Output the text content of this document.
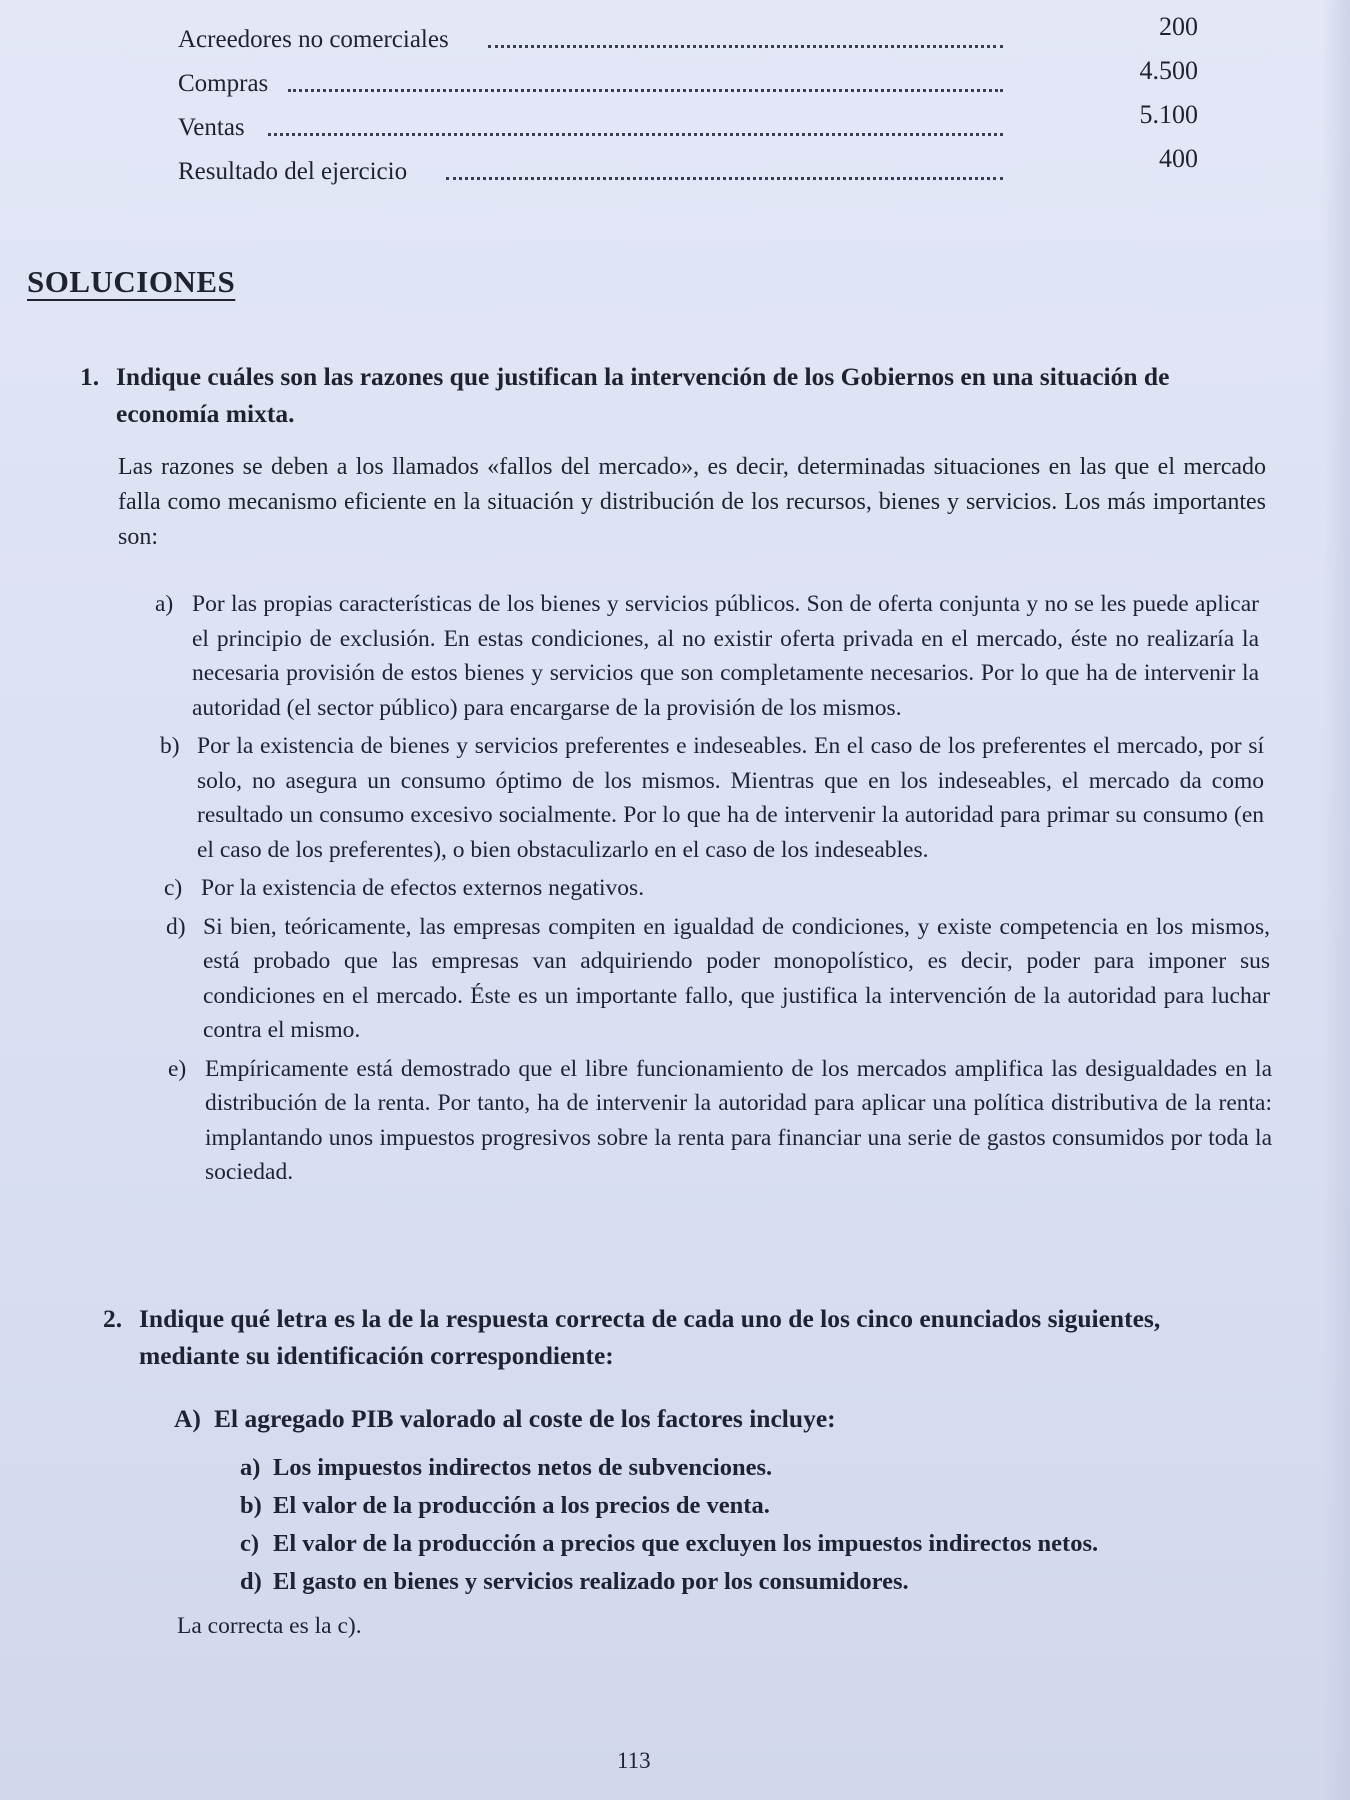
Acreedores no comerciales	200
Compras	4.500
Ventas	5.100
Resultado del ejercicio	400
SOLUCIONES
1. Indique cuáles son las razones que justifican la intervención de los Gobiernos en una situación de economía mixta.
Las razones se deben a los llamados «fallos del mercado», es decir, determinadas situaciones en las que el mercado falla como mecanismo eficiente en la situación y distribución de los recursos, bienes y servicios. Los más importantes son:
a) Por las propias características de los bienes y servicios públicos. Son de oferta conjunta y no se les puede aplicar el principio de exclusión. En estas condiciones, al no existir oferta privada en el mercado, éste no realizaría la necesaria provisión de estos bienes y servicios que son completamente necesarios. Por lo que ha de intervenir la autoridad (el sector público) para encargarse de la provisión de los mismos.
b) Por la existencia de bienes y servicios preferentes e indeseables. En el caso de los preferentes el mercado, por sí solo, no asegura un consumo óptimo de los mismos. Mientras que en los indeseables, el mercado da como resultado un consumo excesivo socialmente. Por lo que ha de intervenir la autoridad para primar su consumo (en el caso de los preferentes), o bien obstaculizarlo en el caso de los indeseables.
c) Por la existencia de efectos externos negativos.
d) Si bien, teóricamente, las empresas compiten en igualdad de condiciones, y existe competencia en los mismos, está probado que las empresas van adquiriendo poder monopolístico, es decir, poder para imponer sus condiciones en el mercado. Éste es un importante fallo, que justifica la intervención de la autoridad para luchar contra el mismo.
e) Empíricamente está demostrado que el libre funcionamiento de los mercados amplifica las desigualdades en la distribución de la renta. Por tanto, ha de intervenir la autoridad para aplicar una política distributiva de la renta: implantando unos impuestos progresivos sobre la renta para financiar una serie de gastos consumidos por toda la sociedad.
2. Indique qué letra es la de la respuesta correcta de cada uno de los cinco enunciados siguientes, mediante su identificación correspondiente:
A) El agregado PIB valorado al coste de los factores incluye:
a) Los impuestos indirectos netos de subvenciones.
b) El valor de la producción a los precios de venta.
c) El valor de la producción a precios que excluyen los impuestos indirectos netos.
d) El gasto en bienes y servicios realizado por los consumidores.
La correcta es la c).
113
